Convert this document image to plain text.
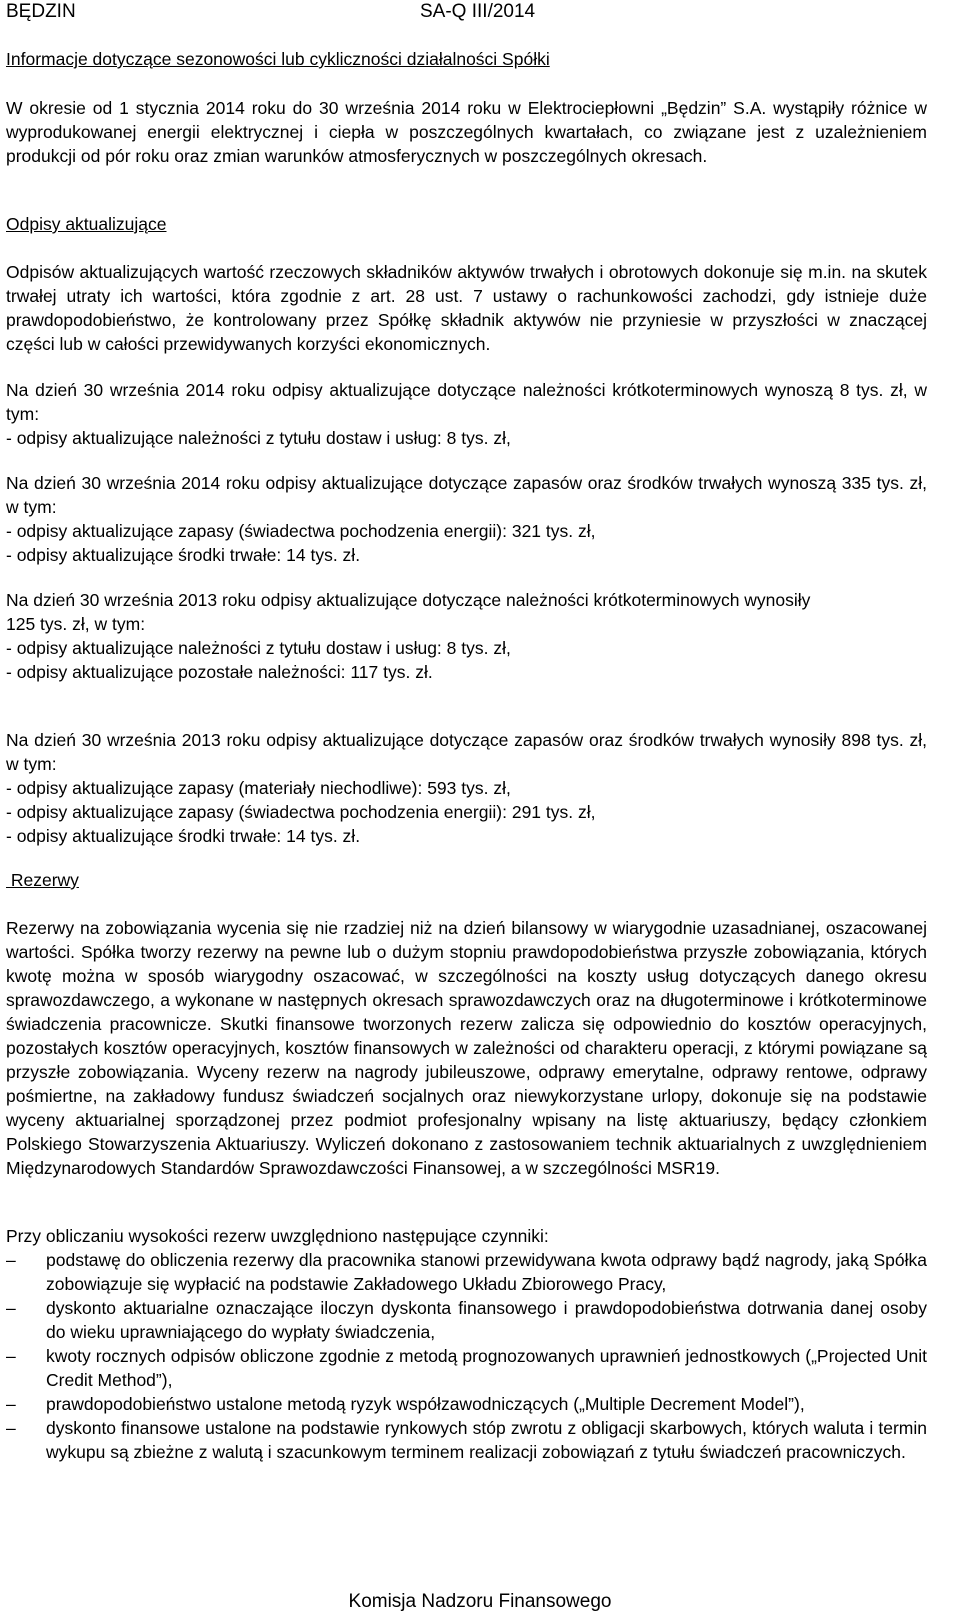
BĘDZIN	SA-Q III/2014
Informacje dotyczące sezonowości lub cykliczności działalności Spółki

W okresie od 1 stycznia 2014 roku do 30 września 2014 roku w Elektrociepłowni „Będzin” S.A. wystąpiły różnice w wyprodukowanej energii elektrycznej i ciepła w poszczególnych kwartałach, co związane jest z uzależnieniem produkcji od pór roku oraz zmian warunków atmosferycznych w poszczególnych okresach.

Odpisy aktualizujące

Odpisów aktualizujących wartość rzeczowych składników aktywów trwałych i obrotowych dokonuje się m.in. na skutek trwałej utraty ich wartości, która zgodnie z art. 28 ust. 7 ustawy o rachunkowości zachodzi, gdy istnieje duże prawdopodobieństwo, że kontrolowany przez Spółkę składnik aktywów nie przyniesie w przyszłości w znaczącej części lub w całości przewidywanych korzyści ekonomicznych.

Na dzień 30 września 2014 roku odpisy aktualizujące dotyczące należności krótkoterminowych wynoszą 8 tys. zł, w tym:

- odpisy aktualizujące należności z tytułu dostaw i usług: 8 tys. zł,

Na dzień 30 września 2014 roku odpisy aktualizujące dotyczące zapasów oraz środków trwałych wynoszą 335 tys. zł, w tym:

- odpisy aktualizujące zapasy (świadectwa pochodzenia energii): 321 tys. zł,
- odpisy aktualizujące środki trwałe: 14 tys. zł.

Na dzień 30 września 2013 roku odpisy aktualizujące dotyczące należności krótkoterminowych wynosiły

125 tys. zł, w tym:

- odpisy aktualizujące należności z tytułu dostaw i usług: 8 tys. zł,
- odpisy aktualizujące pozostałe należności: 117 tys. zł.

Na dzień 30 września 2013 roku odpisy aktualizujące dotyczące zapasów oraz środków trwałych wynosiły 898 tys. zł, w tym:

- odpisy aktualizujące zapasy (materiały niechodliwe): 593 tys. zł,
- odpisy aktualizujące zapasy (świadectwa pochodzenia energii): 291 tys. zł,
- odpisy aktualizujące środki trwałe: 14 tys. zł.
Rezerwy

Rezerwy na zobowiązania wycenia się nie rzadziej niż na dzień bilansowy w wiarygodnie uzasadnianej, oszacowanej wartości. Spółka tworzy rezerwy na pewne lub o dużym stopniu prawdopodobieństwa przyszłe zobowiązania, których kwotę można w sposób wiarygodny oszacować, w szczególności na koszty usług dotyczących danego okresu sprawozdawczego, a wykonane w następnych okresach sprawozdawczych oraz na długoterminowe i krótkoterminowe świadczenia pracownicze. Skutki finansowe tworzonych rezerw zalicza się odpowiednio do kosztów operacyjnych, pozostałych kosztów operacyjnych, kosztów finansowych w zależności od charakteru operacji, z którymi powiązane są przyszłe zobowiązania. Wyceny rezerw na nagrody jubileuszowe, odprawy emerytalne, odprawy rentowe, odprawy pośmiertne, na zakładowy fundusz świadczeń socjalnych oraz niewykorzystane urlopy, dokonuje się na podstawie wyceny aktuarialnej sporządzonej przez podmiot profesjonalny wpisany na listę aktuariuszy, będący członkiem Polskiego Stowarzyszenia Aktuariuszy. Wyliczeń dokonano z zastosowaniem technik aktuarialnych z uwzględnieniem Międzynarodowych Standardów Sprawozdawczości Finansowej, a w szczególności MSR19.

Przy obliczaniu wysokości rezerw uwzględniono następujące czynniki:

– podstawę do obliczenia rezerwy dla pracownika stanowi przewidywana kwota odprawy bądź nagrody, jaką Spółka zobowiązuje się wypłacić na podstawie Zakładowego Układu Zbiorowego Pracy,
– dyskonto aktuarialne oznaczające iloczyn dyskonta finansowego i prawdopodobieństwa dotrwania danej osoby do wieku uprawniającego do wypłaty świadczenia,
– kwoty rocznych odpisów obliczone zgodnie z metodą prognozowanych uprawnień jednostkowych („Projected Unit Credit Method”),
– prawdopodobieństwo ustalone metodą ryzyk współzawodniczących („Multiple Decrement Model”),
– dyskonto finansowe ustalone na podstawie rynkowych stóp zwrotu z obligacji skarbowych, których waluta i termin wykupu są zbieżne z walutą i szacunkowym terminem realizacji zobowiązań z tytułu świadczeń pracowniczych.
Komisja Nadzoru Finansowego
